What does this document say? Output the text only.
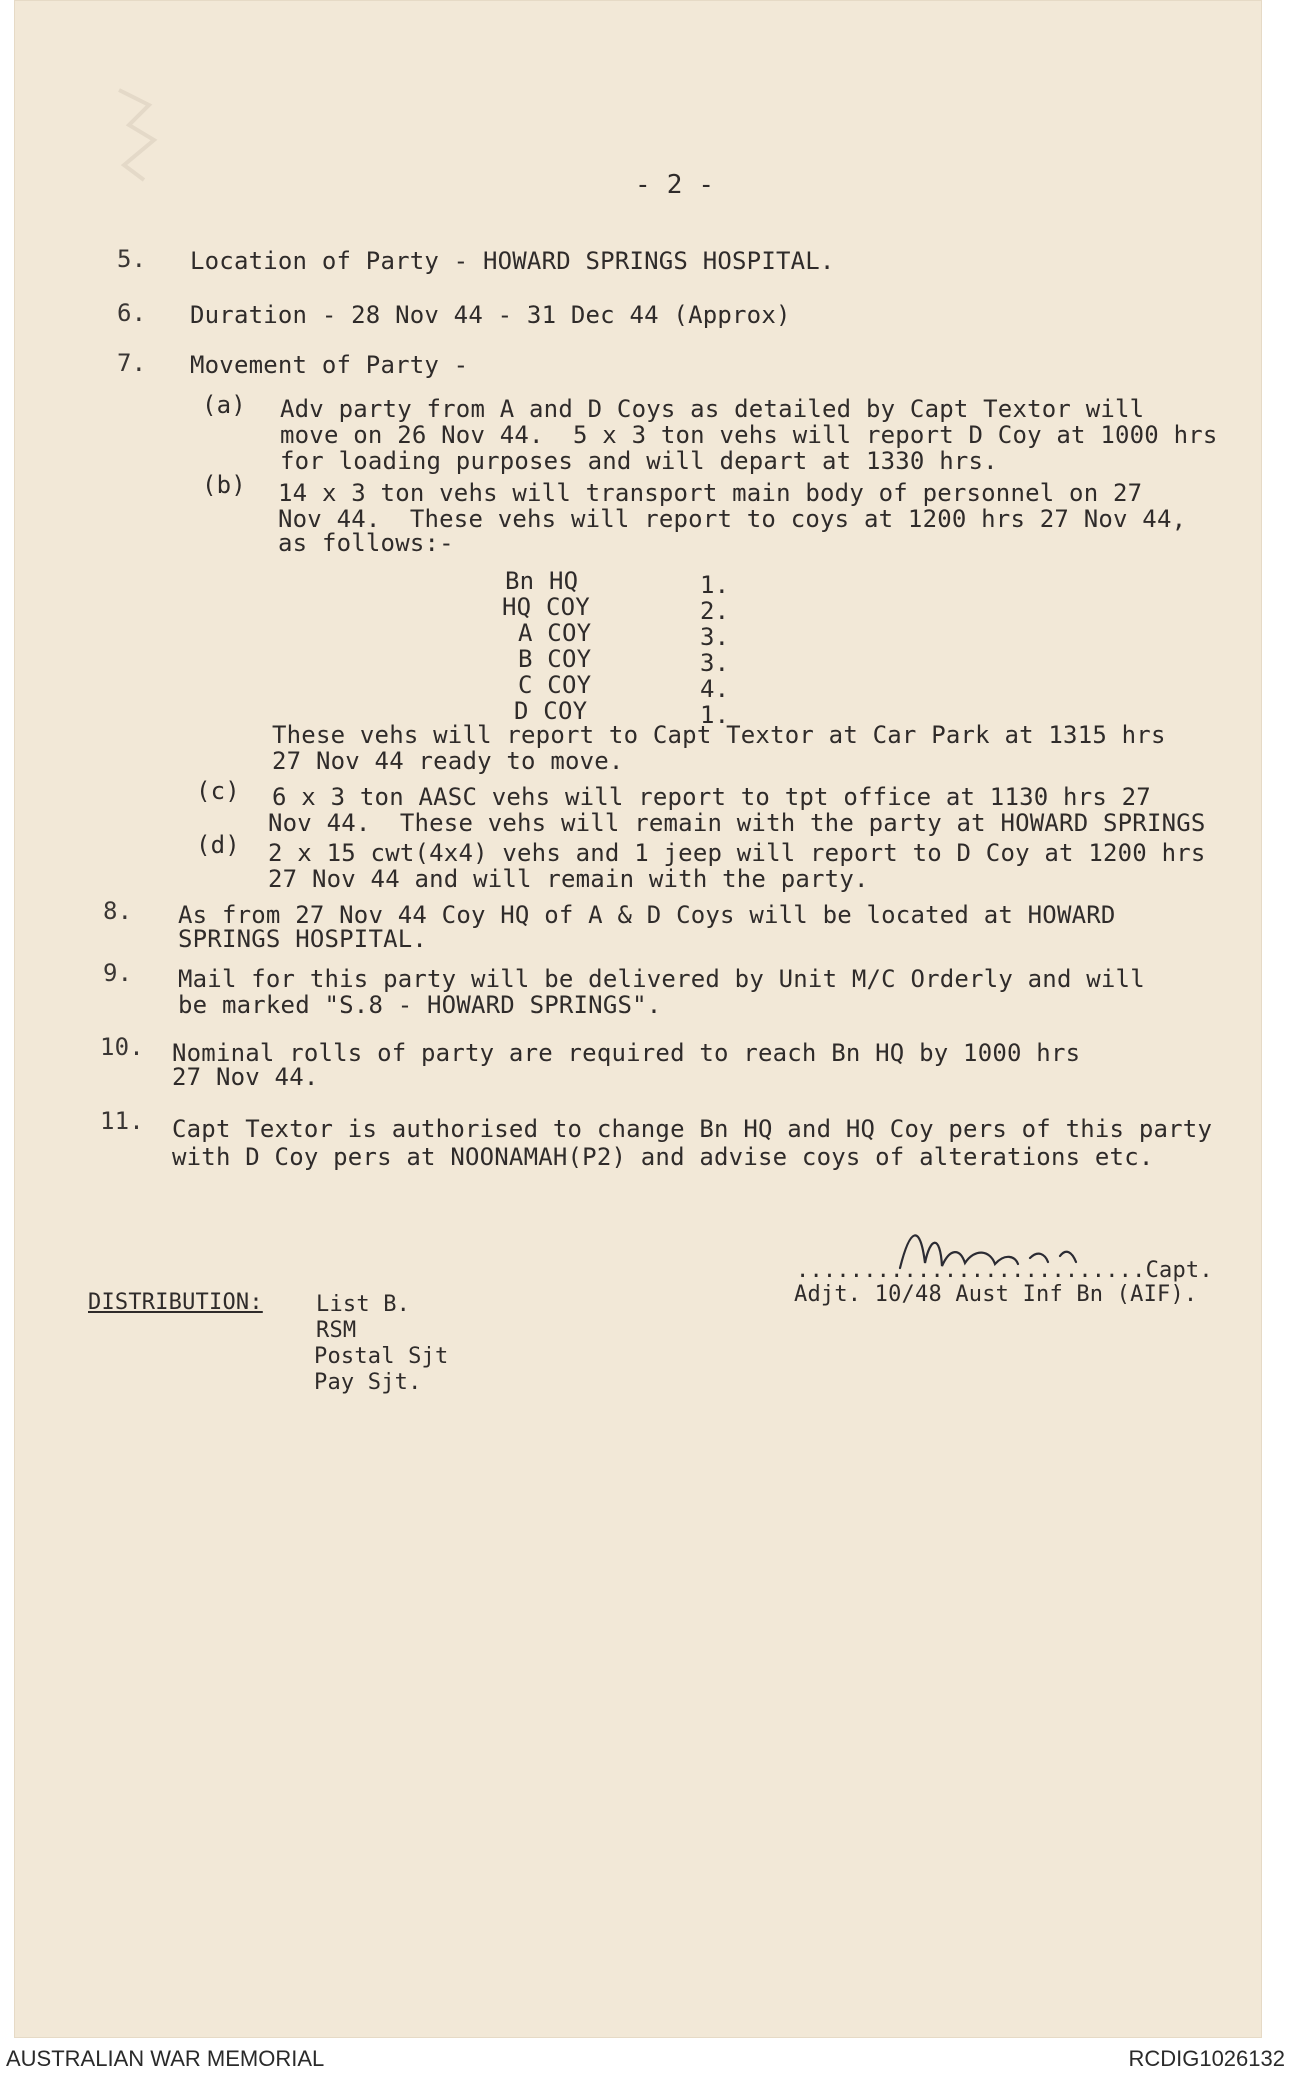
- 2 -
5. Location of Party - HOWARD SPRINGS HOSPITAL.
6. Duration - 28 Nov 44 - 31 Dec 44 (Approx)
7. Movement of Party -
(a) Adv party from A and D Coys as detailed by Capt Textor will
move on 26 Nov 44.  5 x 3 ton vehs will report D Coy at 1000 hrs
for loading purposes and will depart at 1330 hrs.
(b) 14 x 3 ton vehs will transport main body of personnel on 27
Nov 44.  These vehs will report to coys at 1200 hrs 27 Nov 44,
as follows:-
Bn HQ	1.
HQ COY	2.
A COY	3.
B COY	3.
C COY	4.
D COY	1.
These vehs will report to Capt Textor at Car Park at 1315 hrs
27 Nov 44 ready to move.
(c) 6 x 3 ton AASC vehs will report to tpt office at 1130 hrs 27
Nov 44.  These vehs will remain with the party at HOWARD SPRINGS
(d) 2 x 15 cwt(4x4) vehs and 1 jeep will report to D Coy at 1200 hrs
27 Nov 44 and will remain with the party.
8. As from 27 Nov 44 Coy HQ of A & D Coys will be located at HOWARD
SPRINGS HOSPITAL.
9. Mail for this party will be delivered by Unit M/C Orderly and will
be marked "S.8 - HOWARD SPRINGS".
10. Nominal rolls of party are required to reach Bn HQ by 1000 hrs
27 Nov 44.
11. Capt Textor is authorised to change Bn HQ and HQ Coy pers of this party
with D Coy pers at NOONAMAH(P2) and advise coys of alterations etc.
..........................Capt.
Adjt. 10/48 Aust Inf Bn (AIF).
DISTRIBUTION: List B.
RSM
Postal Sjt
Pay Sjt.
AUSTRALIAN WAR MEMORIAL	RCDIG1026132
